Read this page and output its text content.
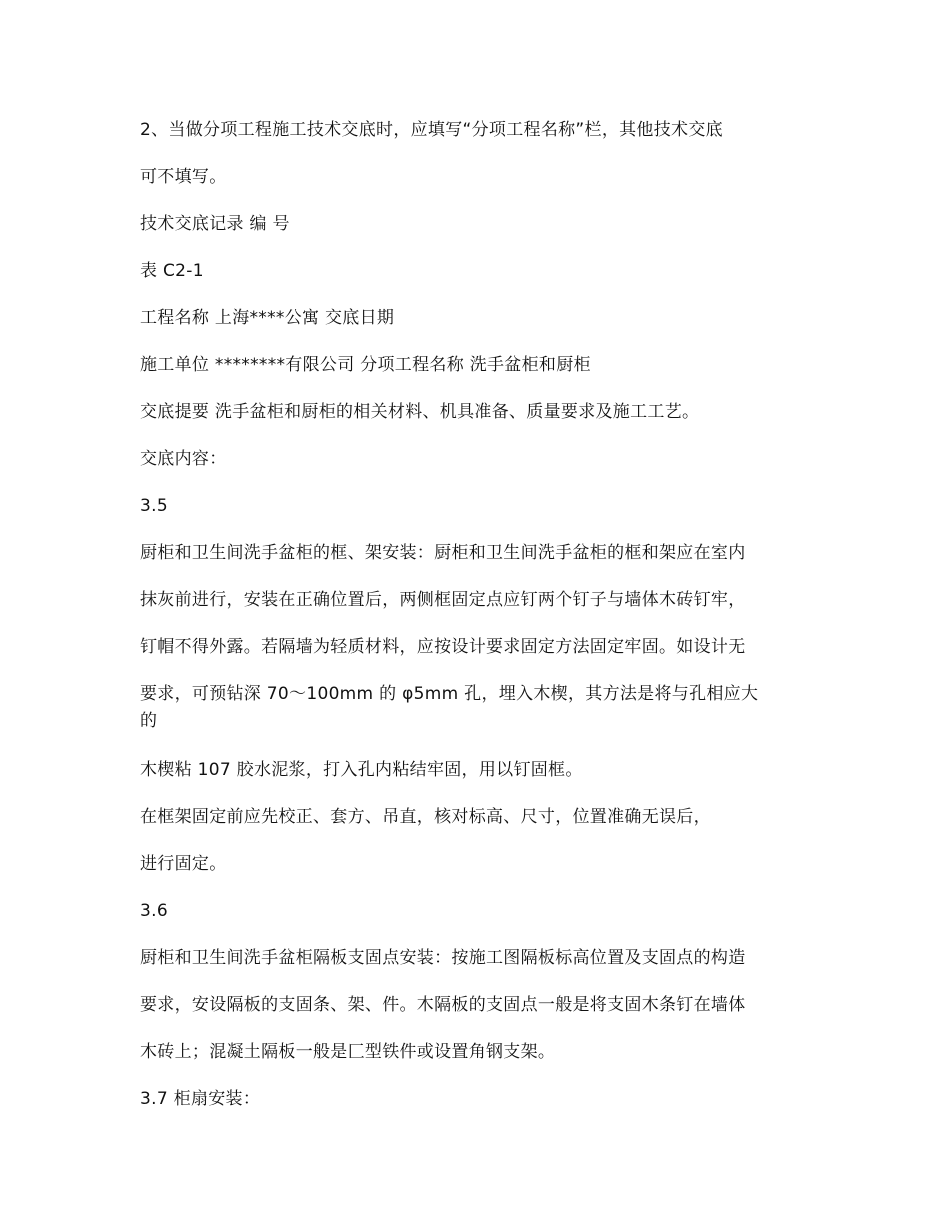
2、当做分项工程施工技术交底时，应填写“分项工程名称”栏，其他技术交底
可不填写。
技术交底记录 编 号
表 C2-1
工程名称 上海****公寓 交底日期
施工单位 ********有限公司 分项工程名称 洗手盆柜和厨柜
交底提要 洗手盆柜和厨柜的相关材料、机具准备、质量要求及施工工艺。
交底内容：
3.5
厨柜和卫生间洗手盆柜的框、架安装：厨柜和卫生间洗手盆柜的框和架应在室内
抹灰前进行，安装在正确位置后，两侧框固定点应钉两个钉子与墙体木砖钉牢，
钉帽不得外露。若隔墙为轻质材料，应按设计要求固定方法固定牢固。如设计无
要求，可预钻深 70～100mm 的 φ5mm 孔，埋入木楔，其方法是将与孔相应大
的
木楔粘 107 胶水泥浆，打入孔内粘结牢固，用以钉固框。
在框架固定前应先校正、套方、吊直，核对标高、尺寸，位置准确无误后，
进行固定。
3.6
厨柜和卫生间洗手盆柜隔板支固点安装：按施工图隔板标高位置及支固点的构造
要求，安设隔板的支固条、架、件。木隔板的支固点一般是将支固木条钉在墙体
木砖上；混凝土隔板一般是匚型铁件或设置角钢支架。
3.7 柜扇安装：
